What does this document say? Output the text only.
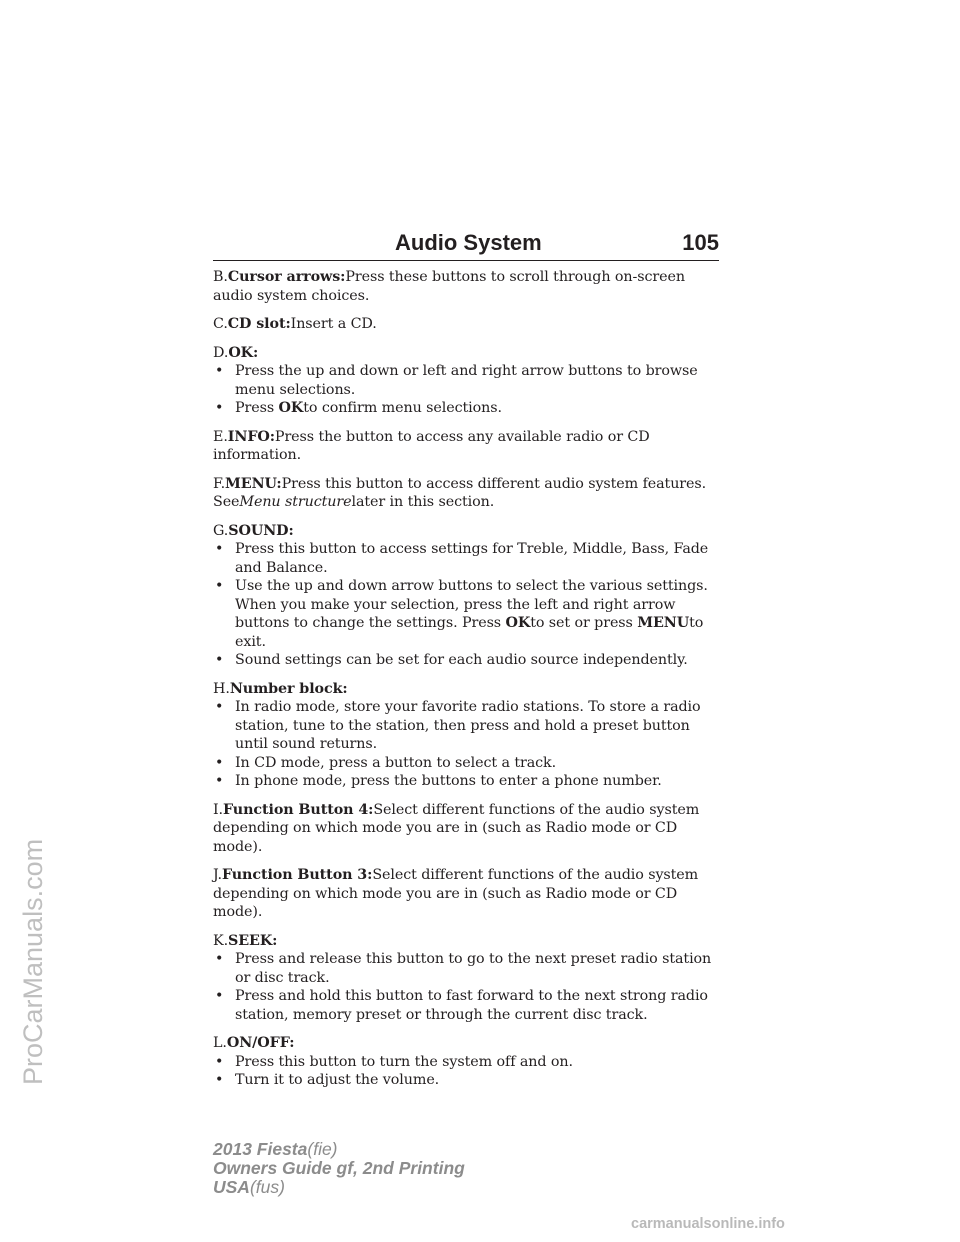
Audio System	105

B.Cursor arrows:Press these buttons to scroll through on-screen audio system choices.

C.CD slot:Insert a CD.

D.OK:

• Press the up and down or left and right arrow buttons to browse menu selections.
• Press OKto confirm menu selections.

E.INFO:Press the button to access any available radio or CD information.

F.MENU:Press this button to access different audio system features.
SeeMenu structurelater in this section.

G.SOUND:

• Press this button to access settings for Treble, Middle, Bass, Fade and Balance.
• Use the up and down arrow buttons to select the various settings. When you make your selection, press the left and right arrow buttons to change the settings. Press OKto set or press MENUto exit.
• Sound settings can be set for each audio source independently.

H.Number block:

• In radio mode, store your favorite radio stations. To store a radio station, tune to the station, then press and hold a preset button until sound returns.
• In CD mode, press a button to select a track.
• In phone mode, press the buttons to enter a phone number.

I.Function Button 4:Select different functions of the audio system depending on which mode you are in (such as Radio mode or CD mode).

J.Function Button 3:Select different functions of the audio system depending on which mode you are in (such as Radio mode or CD mode).

K.SEEK:

• Press and release this button to go to the next preset radio station or disc track.
• Press and hold this button to fast forward to the next strong radio station, memory preset or through the current disc track.

L.ON/OFF:

• Press this button to turn the system off and on.
• Turn it to adjust the volume.
2013 Fiesta(fie)
Owners Guide gf, 2nd Printing
USA(fus)
ProCarManuals.com
carmanualsonline.info
